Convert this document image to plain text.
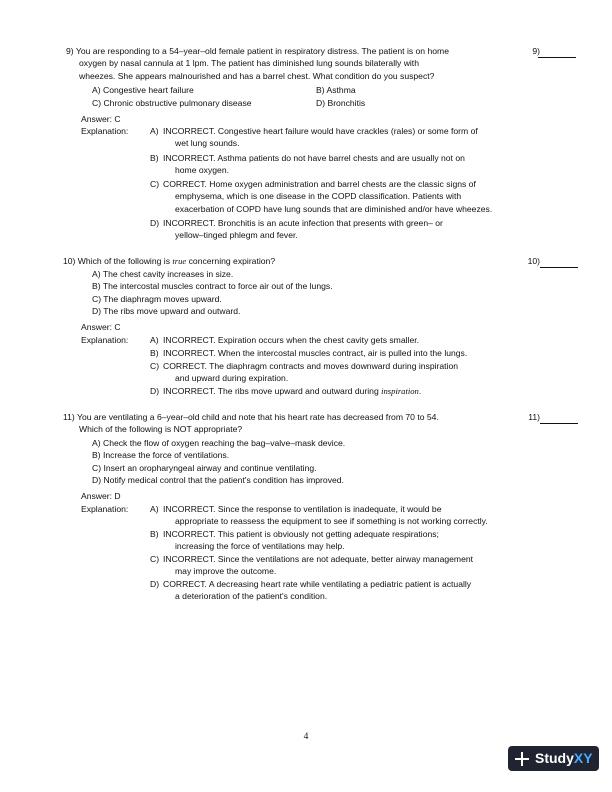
9) You are responding to a 54–year–old female patient in respiratory distress. The patient is on home
oxygen by nasal cannula at 1 lpm. The patient has diminished lung sounds bilaterally with
wheezes. She appears malnourished and has a barrel chest. What condition do you suspect?
9)
A) Congestive heart failure	B) Asthma
C) Chronic obstructive pulmonary disease	D) Bronchitis
Answer: C
Explanation:	A) INCORRECT. Congestive heart failure would have crackles (rales) or some form of
wet lung sounds.
B) INCORRECT. Asthma patients do not have barrel chests and are usually not on
home oxygen.
C) CORRECT. Home oxygen administration and barrel chests are the classic signs of
emphysema, which is one disease in the COPD classification. Patients with
exacerbation of COPD have lung sounds that are diminished and/or have wheezes.
D) INCORRECT. Bronchitis is an acute infection that presents with green– or
yellow–tinged phlegm and fever.
10) Which of the following is true concerning expiration?	10)
A) The chest cavity increases in size.
B) The intercostal muscles contract to force air out of the lungs.
C) The diaphragm moves upward.
D) The ribs move upward and outward.
Answer: C
Explanation:	A) INCORRECT. Expiration occurs when the chest cavity gets smaller.
B) INCORRECT. When the intercostal muscles contract, air is pulled into the lungs.
C) CORRECT. The diaphragm contracts and moves downward during inspiration
and upward during expiration.
D) INCORRECT. The ribs move upward and outward during inspiration.
11) You are ventilating a 6–year–old child and note that his heart rate has decreased from 70 to 54.
Which of the following is NOT appropriate?
11)
A) Check the flow of oxygen reaching the bag–valve–mask device.
B) Increase the force of ventilations.
C) Insert an oropharyngeal airway and continue ventilating.
D) Notify medical control that the patient's condition has improved.
Answer: D
Explanation:	A) INCORRECT. Since the response to ventilation is inadequate, it would be
appropriate to reassess the equipment to see if something is not working correctly.
B) INCORRECT. This patient is obviously not getting adequate respirations;
increasing the force of ventilations may help.
C) INCORRECT. Since the ventilations are not adequate, better airway management
may improve the outcome.
D) CORRECT. A decreasing heart rate while ventilating a pediatric patient is actually
a deterioration of the patient's condition.
4
StudyXY
